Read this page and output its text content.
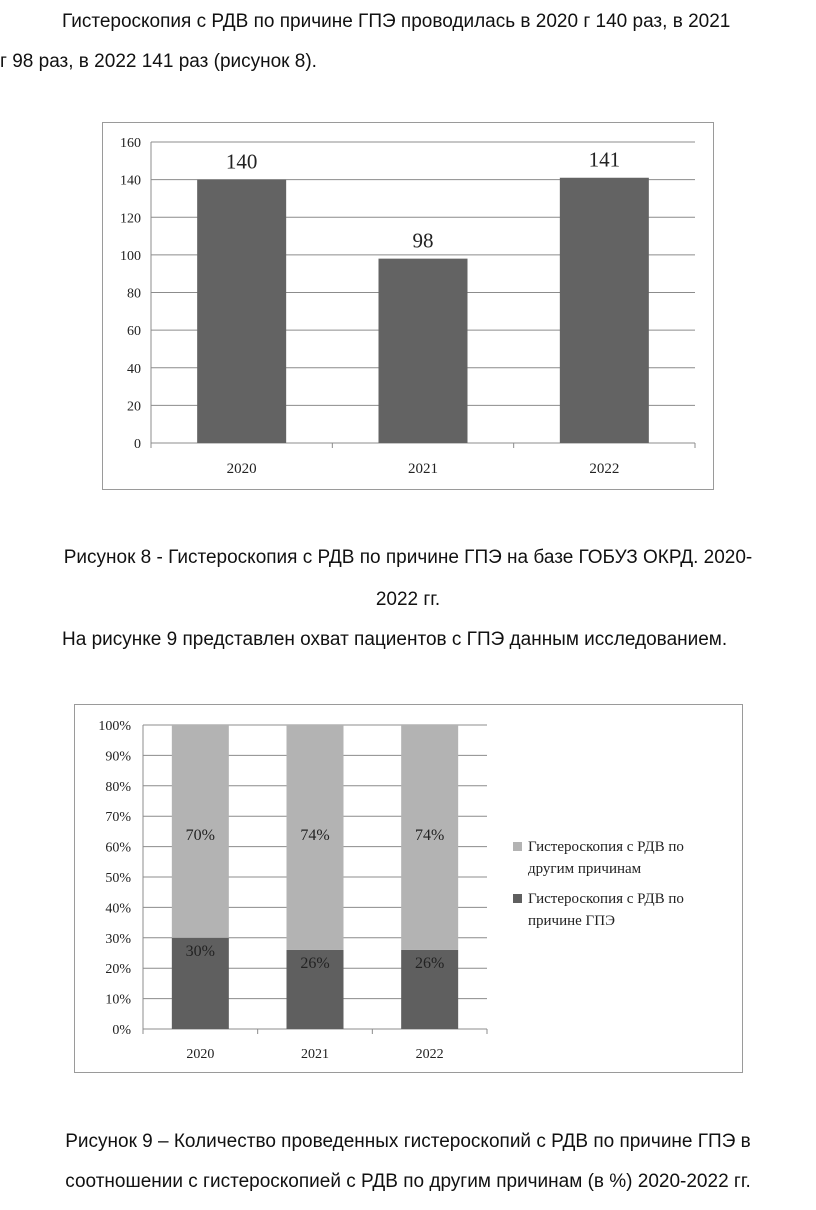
Гистероскопия с РДВ по причине ГПЭ проводилась в 2020 г 140 раз, в 2021
г 98 раз, в 2022 141 раз (рисунок 8).
0
20
40
60
80
100
120
140
160
140
2020
98
2021
141
2022
Рисунок 8 - Гистероскопия с РДВ по причине ГПЭ на базе ГОБУЗ ОКРД. 2020-
2022 гг.
На рисунке 9 представлен охват пациентов с ГПЭ данным исследованием.
0%
10%
20%
30%
40%
50%
60%
70%
80%
90%
100%
30%
70%
2020
26%
74%
2021
26%
74%
2022
Гистероскопия с РДВ по
другим причинам
Гистероскопия с РДВ по
причине ГПЭ
Рисунок 9 – Количество проведенных гистероскопий с РДВ по причине ГПЭ в
соотношении с гистероскопией с РДВ по другим причинам (в %) 2020-2022 гг.
